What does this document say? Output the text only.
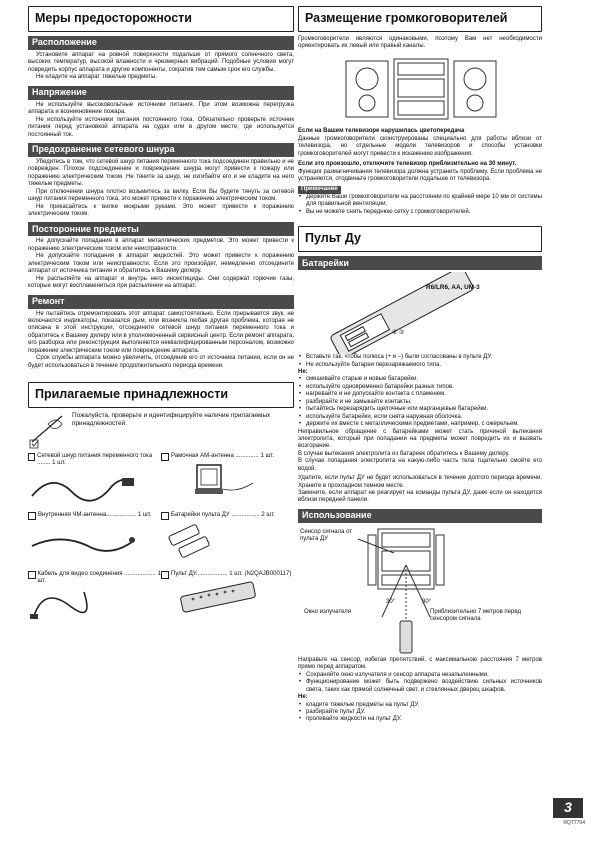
Меры предосторожности
Расположение

Установите аппарат на ровной поверхности подальше от прямого солнечного света, высоких температур, высокой влажности и чрезмерных вибраций. Подобные условия могут повредить корпус аппарата и другие компоненты, сократив тем самым срок его службы.

Не кладите на аппарат тяжелые предметы.

Напряжение

Не используйте высоковольтные источники питания. При этом возможна перегрузка аппарата и возникновение пожара.

Не используйте источники питания постоянного тока. Обязательно проверьте источник питания перед установкой аппарата на судах или в другом месте, где используется постоянный ток.

Предохранение сетевого шнура

Убедитесь в том, что сетевой шнур питания переменного тока подсоединен правильно и не поврежден. Плохое подсоединение и повреждение шнура могут привести к пожару или поражению электрическим током. Не тяните за шнур, не изгибайте его и не кладите на него тяжелые предметы.

При отключении шнура плотно возьмитесь за вилку. Если Вы будете тянуть за сетевой шнур питания переменного тока, это может привести к поражению электрическим током.

Не прикасайтесь к вилке мокрыми руками. Это может привести к поражению электрическим током.

Посторонние предметы

Не допускайте попадания в аппарат металлических предметов. Это может привести к поражению электрическим током или неисправности.

Не допускайте попадания в аппарат жидкостей. Это может привести к поражению электрическим током или неисправности. Если это произойдет, немедленно отсоедините аппарат от источника питания и обратитесь к Вашему дилеру.

Не распыляйте на аппарат и внутрь него инсектициды. Они содержат горючие газы, которые могут воспламениться при распылении на аппарат.

Ремонт

Не пытайтесь отремонтировать этот аппарат самостоятельно. Если прерывается звук, не включаются индикаторы, показался дым, или возникла любая другая проблема, которая не описана в этой инструкции, отсоедините сетевой шнур питания переменного тока и обратитесь к Вашему дилеру или в уполномоченный сервисный центр. Если ремонт аппарата, его разборка или реконструкция выполняются неквалифицированным персоналом, возможно поражение электрическим током или повреждение аппарата.

Срок службы аппарата можно увеличить, отсоединив его от источника питания, если он не будет использоваться в течение продолжительного периода времени.

Прилагаемые принадлежности
Пожалуйста, проверьте и идентифицируйте наличие прилагаемых принадлежностей.
Сетевой шнур питания переменного тока ........ 1 шт.
Рамочная AM-антенна .............. 1 шт.
Внутренняя ЧМ-антенна.................. 1 шт.	Батарейки пульта ДУ ................. 2 шт.
Кабель для видео соединения ................... 1 шт.
Пульт ДУ................... 1 шт. (N2QAJB000117)
Размещение громкоговорителей

Громкоговорители являются одинаковыми, поэтому Вам нет необходимости ориентировать их левый или правый каналы.

Если на Вашем телевизоре нарушилась цветопередача

Данные громкоговорители сконструированы специально для работы вблизи от телевизора, но отдельные модели телевизоров и способы установки громкоговорителей могут привести к искажению изображения.

Если это произошло, отключите телевизор приблизительно на 30 минут.

Функция размагничивания телевизора должна устранить проблему. Если проблема не устраняется, отодвиньте громкоговорители подальше от телевизора.

Примечание
• Держите Ваши громкоговорители на расстоянии по крайней мере 10 мм от системы для правильной вентиляции.
• Вы не можете снять переднюю сетку с громкоговорителей.
Пульт Ду
Батарейки
R6/LR6, AA, UM-3
① ②
• Вставьте так, чтобы полюса (+ и –) были согласованы в пульте ДУ.
• Не используйте батареи перезаряжаемого типа.
Не:
• смешивайте старые и новые батарейки.
• используйте одновременно батарейки разных типов.
• нагревайте и не допускайте контакта с пламенем.
• разбирайте и не замыкайте контакты.
• пытайтесь перезарядить щелочные или марганцевые батарейки.
• используйте батарейки, если снята наружная оболочка.
• держите их вместе с металлическими предметами, например, с ожерельем.

Неправильное обращение с батарейками может стать причиной вытекания электролита, который при попадании на предметы может повредить их и вызвать возгорание.

В случае вытекания электролита из батареек обратитесь к Вашему дилеру.

В случае попадания электролита на какую-либо часть тела тщательно смойте его водой.

Удалите, если пульт ДУ не будет использоваться в течение долгого периода времени. Храните в прохладном темном месте.

Замените, если аппарат не реагирует на команды пульта ДУ, даже если он находится вблизи передней панели.

Использование
Сенсор сигнала от пульта ДУ
Окно излучателя	Приблизительно 7 метров перед сенсором сигнала
30°	30°

Направьте на сенсор, избегая препятствий, с максимальною расстояния 7 метров прямо перед аппаратом.

• Сохраняйте окно излучателя и сенсор аппарата незапыленными.
• Функционирование может быть подвержено воздействию сильных источников света, таких как прямой солнечный свет, и стеклянных дверец шкафов.
Не:
• кладите тяжелые предметы на пульт ДУ.
• разбирайте пульт ДУ.
• проливайте жидкости на пульт ДУ.
3
RQT7704
